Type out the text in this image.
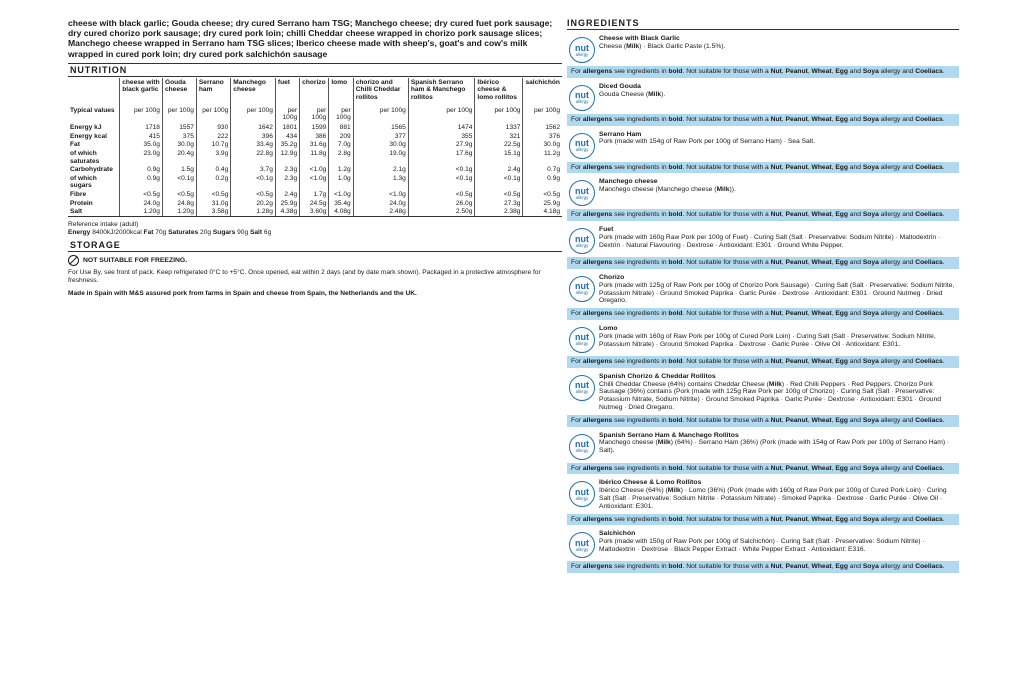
cheese with black garlic; Gouda cheese; dry cured Serrano ham TSG; Manchego cheese; dry cured fuet pork sausage; dry cured chorizo pork sausage; dry cured pork loin; chilli Cheddar cheese wrapped in chorizo pork sausage slices; Manchego cheese wrapped in Serrano ham TSG slices; Iberico cheese made with sheep's, goat's and cow's milk wrapped in cured pork loin; dry cured pork salchichón sausage
NUTRITION
	cheese with black garlic	Gouda cheese	Serrano ham	Manchego cheese	fuet	chorizo	lomo	chorizo and Chilli Cheddar rollitos	Spanish Serrano ham & Manchego rollitos	Ibérico cheese & lomo rollitos	salchichón
Typical values	per 100g	per 100g	per 100g	per 100g	per 100g	per 100g	per 100g	per 100g	per 100g	per 100g	per 100g
Energy kJ	1718	1557	930	1642	1801	1599	881	1565	1474	1337	1562
Energy kcal	415	375	222	396	434	386	209	377	355	321	376
Fat	35.0g	30.0g	10.7g	33.4g	35.2g	31.6g	7.0g	30.0g	27.9g	22.5g	30.0g
of which saturates	23.0g	20.4g	3.9g	22.8g	12.9g	11.8g	2.8g	19.0g	17.6g	15.1g	11.2g
Carbohydrate	0.9g	1.5g	0.4g	3.7g	2.3g	<1.0g	1.2g	2.1g	<0.1g	2.4g	0.7g
of which sugars	0.9g	<0.1g	0.2g	<0.1g	2.3g	<1.0g	1.0g	1.3g	<0.1g	<0.1g	0.9g
Fibre	<0.5g	<0.5g	<0.5g	<0.5g	2.4g	1.7g	<1.0g	<1.0g	<0.5g	<0.5g	<0.5g
Protein	24.0g	24.8g	31.0g	20.2g	25.9g	24.5g	35.4g	24.0g	26.0g	27.3g	25.9g
Salt	1.20g	1.20g	3.58g	1.28g	4.38g	3.60g	4.08g	2.48g	2.50g	2.38g	4.18g
Reference intake (adult)
Energy 8400kJ/2000kcal Fat 70g Saturates 20g Sugars 90g Salt 6g
STORAGE
NOT SUITABLE FOR FREEZING.
For Use By, see front of pack. Keep refrigerated 0°C to +5°C. Once opened, eat within 2 days (and by date mark shown). Packaged in a protective atmosphere for freshness.
Made in Spain with M&S assured pork from farms in Spain and cheese from Spain, the Netherlands and the UK.
INGREDIENTS
nut
allergy
Cheese with Black Garlic
Cheese (Milk) · Black Garlic Paste (1.5%).
For allergens see ingredients in bold. Not suitable for those with a Nut, Peanut, Wheat, Egg and Soya allergy and Coeliacs.
nut
allergy
Diced Gouda
Gouda Cheese (Milk).
For allergens see ingredients in bold. Not suitable for those with a Nut, Peanut, Wheat, Egg and Soya allergy and Coeliacs.
nut
allergy
Serrano Ham
Pork (made with 154g of Raw Pork per 100g of Serrano Ham) · Sea Salt.
For allergens see ingredients in bold. Not suitable for those with a Nut, Peanut, Wheat, Egg and Soya allergy and Coeliacs.
nut
allergy
Manchego cheese
Manchego cheese (Manchego cheese (Milk)).
For allergens see ingredients in bold. Not suitable for those with a Nut, Peanut, Wheat, Egg and Soya allergy and Coeliacs.
nut
allergy
Fuet
Pork (made with 160g Raw Pork per 100g of Fuet) · Curing Salt (Salt · Preservative: Sodium Nitrite) · Maltodextrin · Dextrin · Natural Flavouring · Dextrose · Antioxidant: E301 · Ground White Pepper.
For allergens see ingredients in bold. Not suitable for those with a Nut, Peanut, Wheat, Egg and Soya allergy and Coeliacs.
nut
allergy
Chorizo
Pork (made with 125g of Raw Pork per 100g of Chorizo Pork Sausage) · Curing Salt (Salt · Preservative: Sodium Nitrite, Potassium Nitrate) · Ground Smoked Paprika · Garlic Purée · Dextrose · Antioxidant: E301 · Ground Nutmeg · Dried Oregano.
For allergens see ingredients in bold. Not suitable for those with a Nut, Peanut, Wheat, Egg and Soya allergy and Coeliacs.
nut
allergy
Lomo
Pork (made with 160g of Raw Pork per 100g of Cured Pork Loin) · Curing Salt (Salt · Preservative: Sodium Nitrite, Potassium Nitrate) · Ground Smoked Paprika · Dextrose · Garlic Purée · Olive Oil · Antioxidant: E301.
For allergens see ingredients in bold. Not suitable for those with a Nut, Peanut, Wheat, Egg and Soya allergy and Coeliacs.
nut
allergy
Spanish Chorizo & Cheddar Rollitos
Chilli Cheddar Cheese (64%) contains Cheddar Cheese (Milk) · Red Chilli Peppers · Red Peppers. Chorizo Pork Sausage (36%) contains (Pork (made with 125g Raw Pork per 100g of Chorizo) · Curing Salt (Salt · Preservative: Potassium Nitrate, Sodium Nitrite) · Ground Smoked Paprika · Garlic Purée · Dextrose · Antioxidant: E301 · Ground Nutmeg · Dried Oregano.
For allergens see ingredients in bold. Not suitable for those with a Nut, Peanut, Wheat, Egg and Soya allergy and Coeliacs.
nut
allergy
Spanish Serrano Ham & Manchego Rollitos
Manchego cheese (Milk) (64%) · Serrano Ham (36%) (Pork (made with 154g of Raw Pork per 100g of Serrano Ham) · Salt).
For allergens see ingredients in bold. Not suitable for those with a Nut, Peanut, Wheat, Egg and Soya allergy and Coeliacs.
nut
allergy
Ibérico Cheese & Lomo Rollitos
Ibérico Cheese (64%) (Milk) · Lomo (36%) (Pork (made with 160g of Raw Pork per 100g of Cured Pork Loin) · Curing Salt (Salt · Preservative: Sodium Nitrite · Potassium Nitrate) · Smoked Paprika · Dextrose · Garlic Purée · Olive Oil · Antioxidant: E301.
For allergens see ingredients in bold. Not suitable for those with a Nut, Peanut, Wheat, Egg and Soya allergy and Coeliacs.
nut
allergy
Salchichón
Pork (made with 150g of Raw Pork per 100g of Salchichón) · Curing Salt (Salt · Preservative: Sodium Nitrite) · Maltodextrin · Dextrose · Black Pepper Extract · White Pepper Extract · Antioxidant: E316.
For allergens see ingredients in bold. Not suitable for those with a Nut, Peanut, Wheat, Egg and Soya allergy and Coeliacs.
